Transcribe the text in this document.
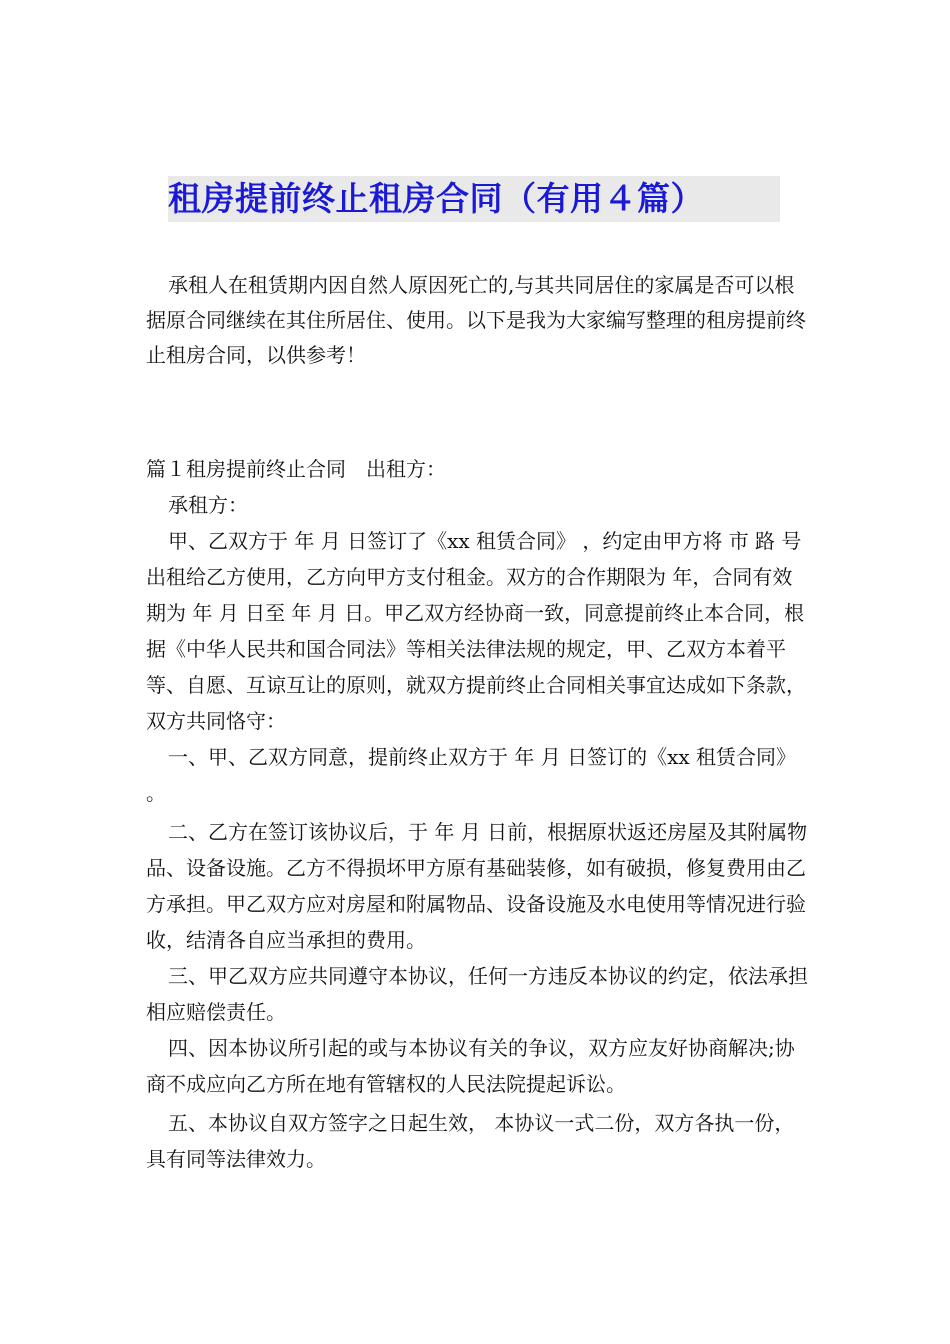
租房提前终止租房合同（有用４篇）

承租人在租赁期内因自然人原因死亡的,与其共同居住的家属是否可以根据原合同继续在其住所居住、使用。以下是我为大家编写整理的租房提前终止租房合同，以供参考！

篇１租房提前终止合同　出租方：

承租方：

甲、乙双方于 年 月 日签订了《xx 租赁合同》 ，约定由甲方将 市 路 号出租给乙方使用，乙方向甲方支付租金。双方的合作期限为 年，合同有效期为 年 月 日至 年 月 日。甲乙双方经协商一致，同意提前终止本合同，根据《中华人民共和国合同法》等相关法律法规的规定，甲、乙双方本着平等、自愿、互谅互让的原则，就双方提前终止合同相关事宜达成如下条款，双方共同恪守：

一、甲、乙双方同意，提前终止双方于 年 月 日签订的《xx 租赁合同》 。

二、乙方在签订该协议后，于 年 月 日前，根据原状返还房屋及其附属物品、设备设施。乙方不得损坏甲方原有基础装修，如有破损，修复费用由乙方承担。甲乙双方应对房屋和附属物品、设备设施及水电使用等情况进行验收，结清各自应当承担的费用。

三、甲乙双方应共同遵守本协议，任何一方违反本协议的约定，依法承担相应赔偿责任。

四、因本协议所引起的或与本协议有关的争议，双方应友好协商解决;协商不成应向乙方所在地有管辖权的人民法院提起诉讼。

五、本协议自双方签字之日起生效， 本协议一式二份，双方各执一份，具有同等法律效力。
